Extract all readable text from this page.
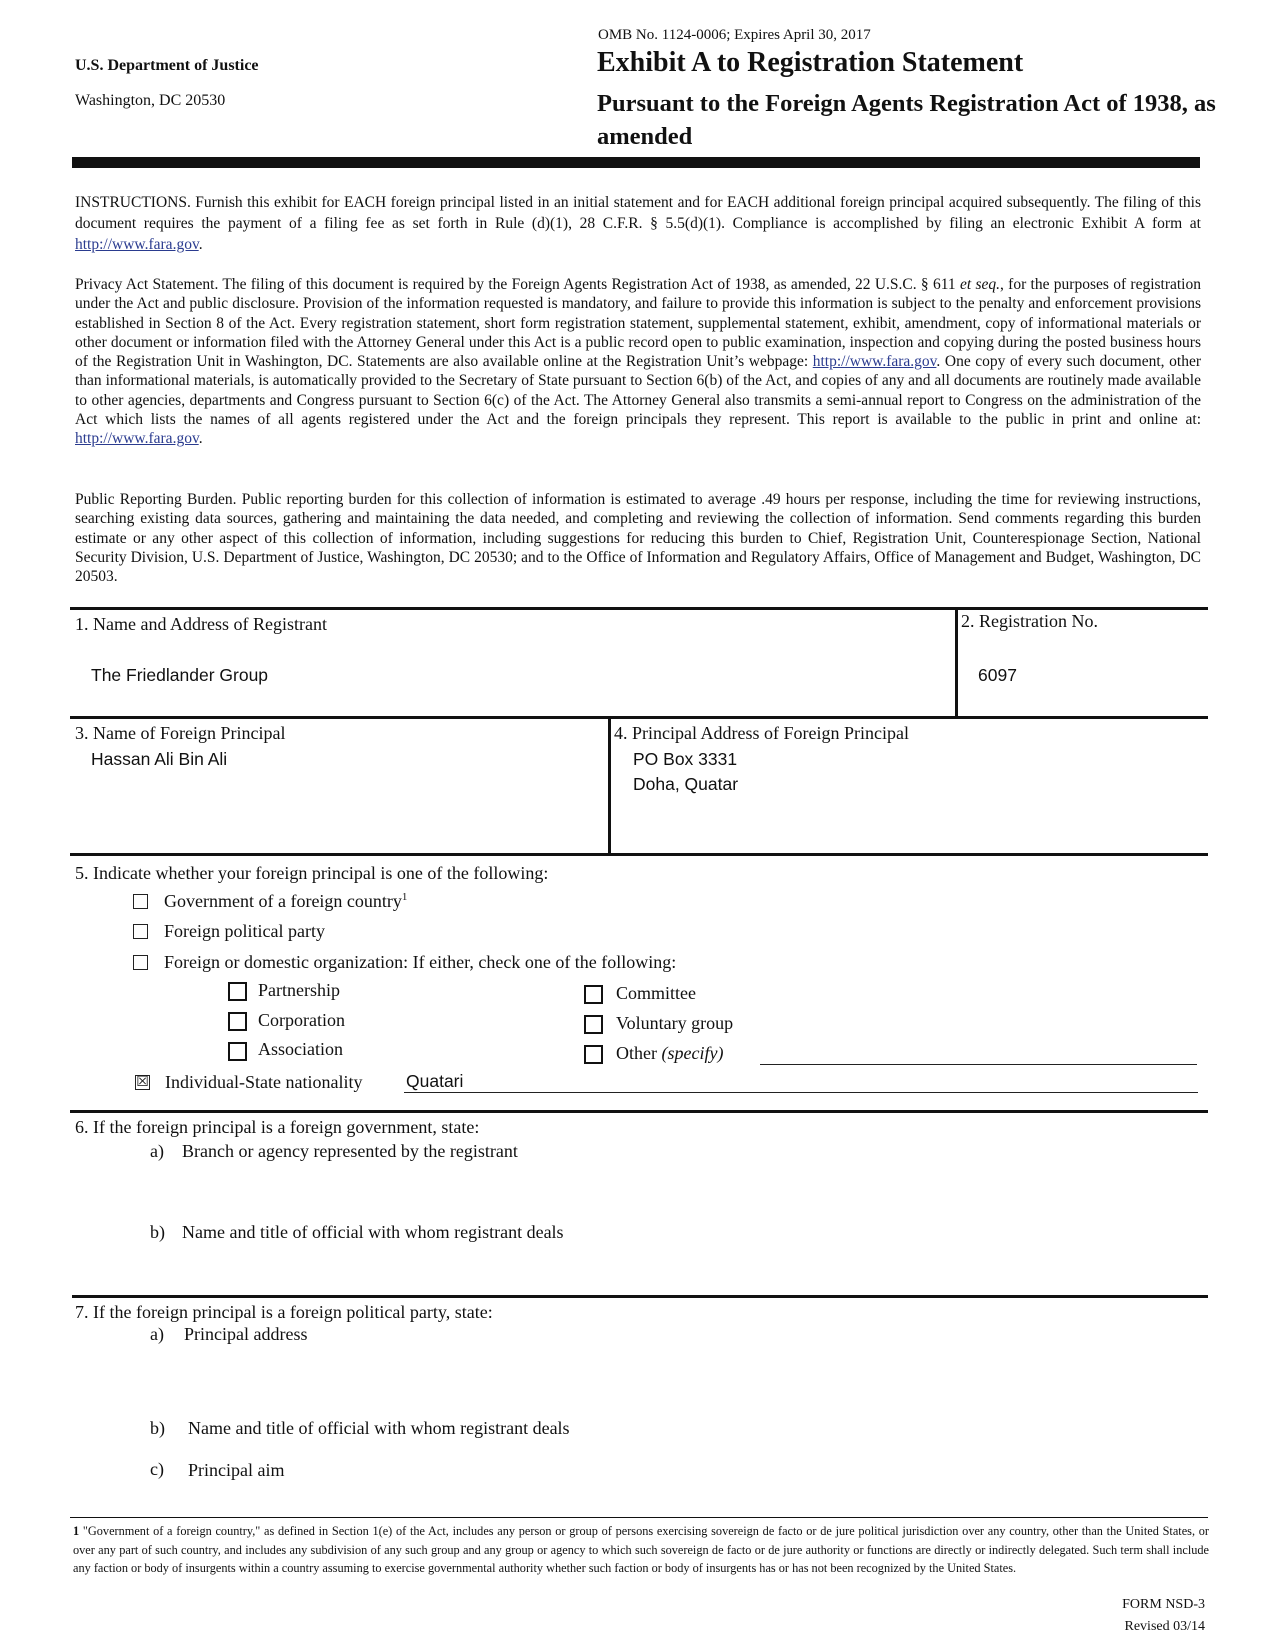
U.S. Department of Justice
Washington, DC 20530
OMB No. 1124-0006; Expires April 30, 2017
Exhibit A to Registration Statement
Pursuant to the Foreign Agents Registration Act of 1938, as amended
INSTRUCTIONS. Furnish this exhibit for EACH foreign principal listed in an initial statement and for EACH additional foreign principal acquired subsequently. The filing of this document requires the payment of a filing fee as set forth in Rule (d)(1), 28 C.F.R. § 5.5(d)(1). Compliance is accomplished by filing an electronic Exhibit A form at http://www.fara.gov.
Privacy Act Statement. The filing of this document is required by the Foreign Agents Registration Act of 1938, as amended, 22 U.S.C. § 611 et seq., for the purposes of registration under the Act and public disclosure. Provision of the information requested is mandatory, and failure to provide this information is subject to the penalty and enforcement provisions established in Section 8 of the Act. Every registration statement, short form registration statement, supplemental statement, exhibit, amendment, copy of informational materials or other document or information filed with the Attorney General under this Act is a public record open to public examination, inspection and copying during the posted business hours of the Registration Unit in Washington, DC. Statements are also available online at the Registration Unit’s webpage: http://www.fara.gov. One copy of every such document, other than informational materials, is automatically provided to the Secretary of State pursuant to Section 6(b) of the Act, and copies of any and all documents are routinely made available to other agencies, departments and Congress pursuant to Section 6(c) of the Act. The Attorney General also transmits a semi-annual report to Congress on the administration of the Act which lists the names of all agents registered under the Act and the foreign principals they represent. This report is available to the public in print and online at: http://www.fara.gov.
Public Reporting Burden. Public reporting burden for this collection of information is estimated to average .49 hours per response, including the time for reviewing instructions, searching existing data sources, gathering and maintaining the data needed, and completing and reviewing the collection of information. Send comments regarding this burden estimate or any other aspect of this collection of information, including suggestions for reducing this burden to Chief, Registration Unit, Counterespionage Section, National Security Division, U.S. Department of Justice, Washington, DC 20530; and to the Office of Information and Regulatory Affairs, Office of Management and Budget, Washington, DC 20503.
1. Name and Address of Registrant
The Friedlander Group
2. Registration No.
6097
3. Name of Foreign Principal
Hassan Ali Bin Ali
4. Principal Address of Foreign Principal
PO Box 3331
Doha, Quatar
5. Indicate whether your foreign principal is one of the following:
Government of a foreign country$^1$
Foreign political party
Foreign or domestic organization: If either, check one of the following:
Partnership
Corporation
Association
Committee
Voluntary group
Other (specify)
☒ Individual-State nationality Quatari
6. If the foreign principal is a foreign government, state:
a) Branch or agency represented by the registrant
b) Name and title of official with whom registrant deals
7. If the foreign principal is a foreign political party, state:
a) Principal address
b) Name and title of official with whom registrant deals
c) Principal aim
1 "Government of a foreign country," as defined in Section 1(e) of the Act, includes any person or group of persons exercising sovereign de facto or de jure political jurisdiction over any country, other than the United States, or over any part of such country, and includes any subdivision of any such group and any group or agency to which such sovereign de facto or de jure authority or functions are directly or indirectly delegated. Such term shall include any faction or body of insurgents within a country assuming to exercise governmental authority whether such faction or body of insurgents has or has not been recognized by the United States.
FORM NSD-3
Revised 03/14
